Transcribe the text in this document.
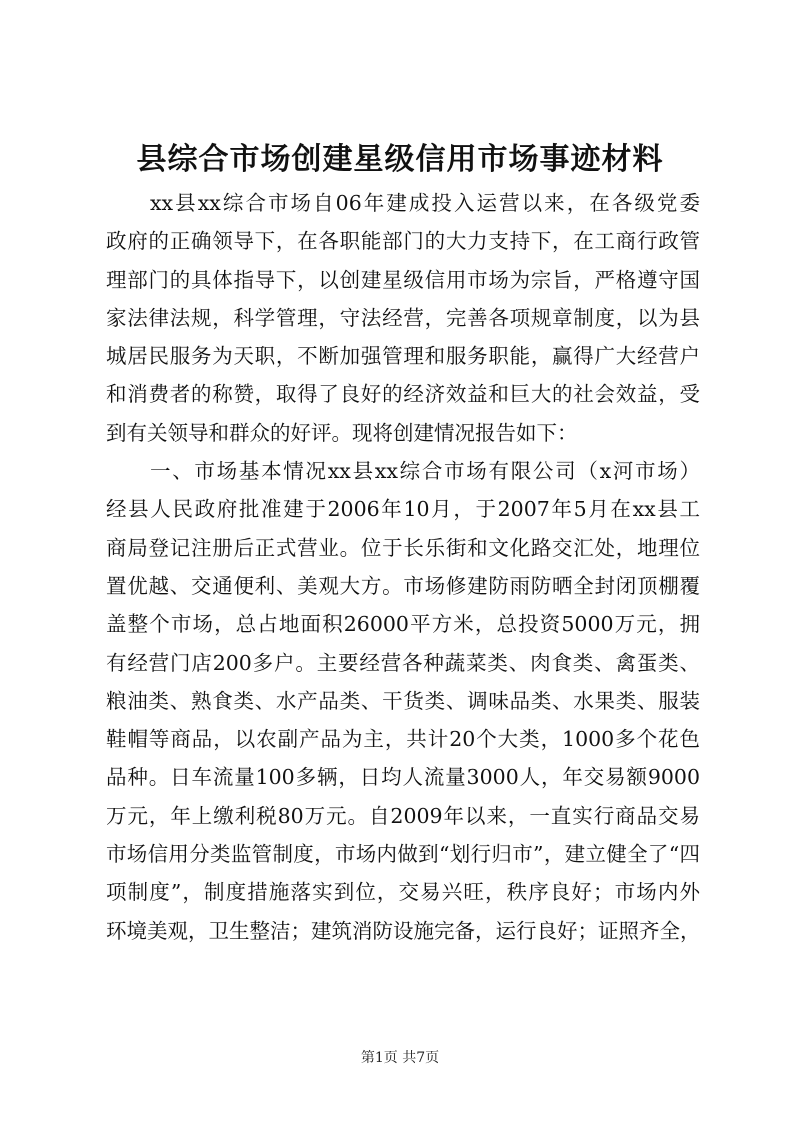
县综合市场创建星级信用市场事迹材料
xx县xx综合市场自06年建成投入运营以来，在各级党委
政府的正确领导下，在各职能部门的大力支持下，在工商行政管
理部门的具体指导下，以创建星级信用市场为宗旨，严格遵守国
家法律法规，科学管理，守法经营，完善各项规章制度，以为县
城居民服务为天职，不断加强管理和服务职能，赢得广大经营户
和消费者的称赞，取得了良好的经济效益和巨大的社会效益，受
到有关领导和群众的好评。现将创建情况报告如下：
一、市场基本情况xx县xx综合市场有限公司（x河市场）
经县人民政府批准建于2006年10月，于2007年5月在xx县工
商局登记注册后正式营业。位于长乐街和文化路交汇处，地理位
置优越、交通便利、美观大方。市场修建防雨防晒全封闭顶棚覆
盖整个市场，总占地面积26000平方米，总投资5000万元，拥
有经营门店200多户。主要经营各种蔬菜类、肉食类、禽蛋类、
粮油类、熟食类、水产品类、干货类、调味品类、水果类、服装
鞋帽等商品，以农副产品为主，共计20个大类，1000多个花色
品种。日车流量100多辆，日均人流量3000人，年交易额9000
万元，年上缴利税80万元。自2009年以来，一直实行商品交易
市场信用分类监管制度，市场内做到“划行归市”，建立健全了“四
项制度”，制度措施落实到位，交易兴旺，秩序良好；市场内外
环境美观，卫生整洁；建筑消防设施完备，运行良好；证照齐全，
第1页 共7页
